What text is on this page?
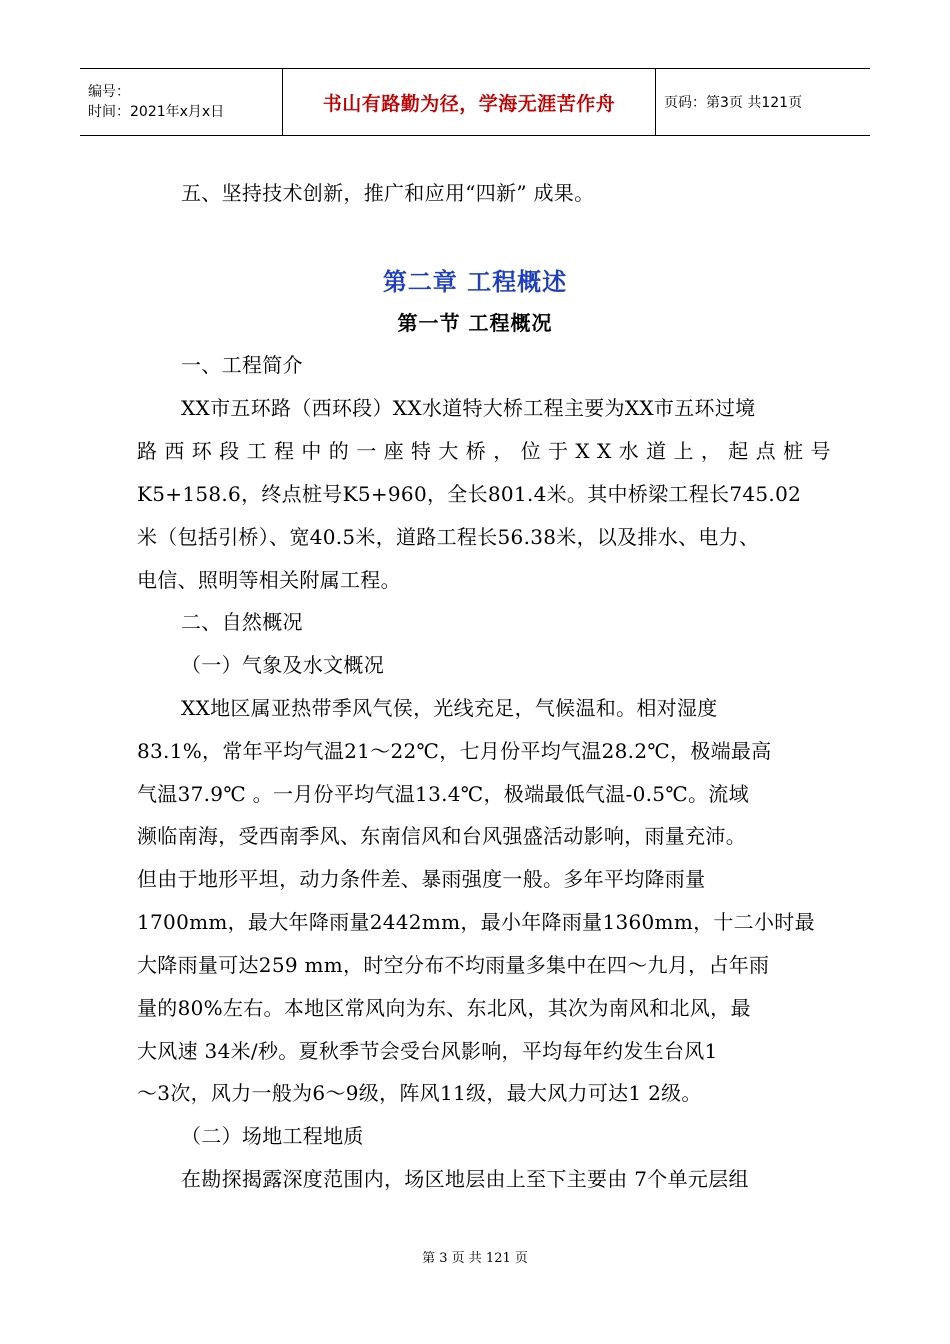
编号：
时间：2021年x月x日	书山有路勤为径，学海无涯苦作舟	页码：第3页 共121页
五、坚持技术创新，推广和应用“四新” 成果。
第二章 工程概述
第一节 工程概况
一、工程简介
XX市五环路（西环段）XX水道特大桥工程主要为XX市五环过境
路西环段工程中的一座特大桥，位于XX水道上，起点桩号
K5+158.6，终点桩号K5+960，全长801.4米。其中桥梁工程长745.02
米（包括引桥）、宽40.5米，道路工程长56.38米，以及排水、电力、
电信、照明等相关附属工程。
二、自然概况
（一）气象及水文概况
XX地区属亚热带季风气侯，光线充足，气候温和。相对湿度
83.1%，常年平均气温21～22℃，七月份平均气温28.2℃，极端最高
气温37.9℃ 。一月份平均气温13.4℃，极端最低气温-0.5℃。流域
濒临南海，受西南季风、东南信风和台风强盛活动影响，雨量充沛。
但由于地形平坦，动力条件差、暴雨强度一般。多年平均降雨量
1700mm，最大年降雨量2442mm，最小年降雨量1360mm，十二小时最
大降雨量可达259 mm，时空分布不均雨量多集中在四～九月，占年雨
量的80%左右。本地区常风向为东、东北风，其次为南风和北风，最
大风速 34米/秒。夏秋季节会受台风影响，平均每年约发生台风1
～3次，风力一般为6～9级，阵风11级，最大风力可达1 2级。
（二）场地工程地质
在勘探揭露深度范围内，场区地层由上至下主要由 7个单元层组
第 3 页 共 121 页
